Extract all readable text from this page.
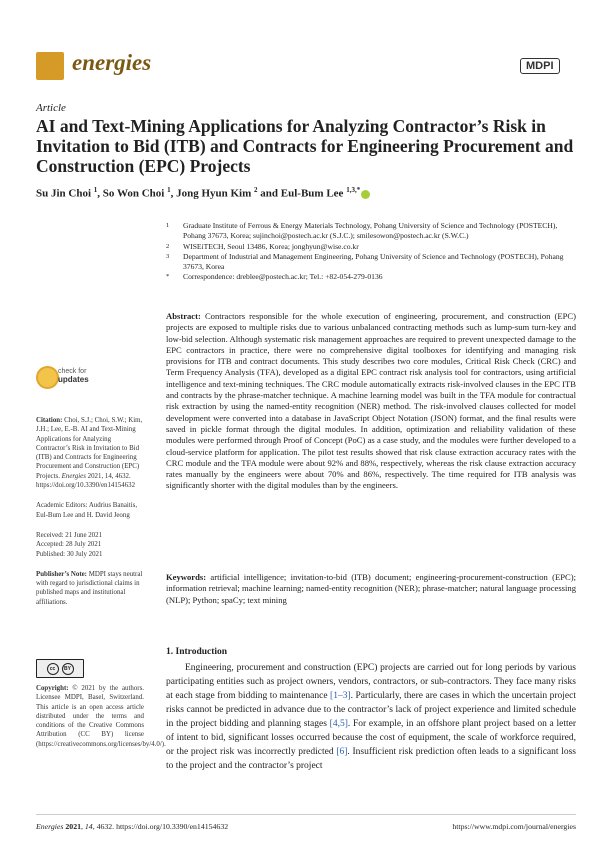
energies	MDPI
Article
AI and Text-Mining Applications for Analyzing Contractor’s Risk in Invitation to Bid (ITB) and Contracts for Engineering Procurement and Construction (EPC) Projects
Su Jin Choi $^1$, So Won Choi $^1$, Jong Hyun Kim $^2$ and Eul-Bum Lee $^{1,3,*}$
1 Graduate Institute of Ferrous & Energy Materials Technology, Pohang University of Science and Technology (POSTECH), Pohang 37673, Korea; sujinchoi@postech.ac.kr (S.J.C.); smilesowon@postech.ac.kr (S.W.C.)
2 WISEiTECH, Seoul 13486, Korea; jonghyun@wise.co.kr
3 Department of Industrial and Management Engineering, Pohang University of Science and Technology (POSTECH), Pohang 37673, Korea
* Correspondence: dreblee@postech.ac.kr; Tel.: +82-054-279-0136
Abstract: Contractors responsible for the whole execution of engineering, procurement, and construction (EPC) projects are exposed to multiple risks due to various unbalanced contracting methods such as lump-sum turn-key and low-bid selection. Although systematic risk management approaches are required to prevent unexpected damage to the EPC contractors in practice, there were no comprehensive digital toolboxes for identifying and managing risk provisions for ITB and contract documents. This study describes two core modules, Critical Risk Check (CRC) and Term Frequency Analysis (TFA), developed as a digital EPC contract risk analysis tool for contractors, using artificial intelligence and text-mining techniques. The CRC module automatically extracts risk-involved clauses in the EPC ITB and contracts by the phrase-matcher technique. A machine learning model was built in the TFA module for contractual risk extraction by using the named-entity recognition (NER) method. The risk-involved clauses collected for model development were converted into a database in JavaScript Object Notation (JSON) format, and the final results were saved in pickle format through the digital modules. In addition, optimization and reliability validation of these modules were performed through Proof of Concept (PoC) as a case study, and the modules were further developed to a cloud-service platform for application. The pilot test results showed that risk clause extraction accuracy rates with the CRC module and the TFA module were about 92% and 88%, respectively, whereas the risk clause extraction accuracy rates manually by the engineers were about 70% and 86%, respectively. The time required for ITB analysis was significantly shorter with the digital modules than by the engineers.
Keywords: artificial intelligence; invitation-to-bid (ITB) document; engineering-procurement-construction (EPC); information retrieval; machine learning; named-entity recognition (NER); phrase-matcher; natural language processing (NLP); Python; spaCy; text mining
check for
updates
Citation: Choi, S.J.; Choi, S.W.; Kim, J.H.; Lee, E.-B. AI and Text-Mining Applications for Analyzing Contractor’s Risk in Invitation to Bid (ITB) and Contracts for Engineering Procurement and Construction (EPC) Projects. Energies 2021, 14, 4632. https://doi.org/10.3390/en14154632
Academic Editors: Audrius Banaitis, Eul-Bum Lee and H. David Jeong
Received: 21 June 2021
Accepted: 28 July 2021
Published: 30 July 2021
Publisher’s Note: MDPI stays neutral with regard to jurisdictional claims in published maps and institutional affiliations.
cc	BY
Copyright: © 2021 by the authors. Licensee MDPI, Basel, Switzerland. This article is an open access article distributed under the terms and conditions of the Creative Commons Attribution (CC BY) license (https://creativecommons.org/licenses/by/4.0/).
1. Introduction
  Engineering, procurement and construction (EPC) projects are carried out for long periods by various participating entities such as project owners, vendors, contractors, or sub-contractors. They face many risks at each stage from bidding to maintenance [1–3]. Particularly, there are cases in which the uncertain project risks cannot be predicted in advance due to the contractor’s lack of project experience and limited schedule in the project bidding and planning stages [4,5]. For example, in an offshore plant project based on a letter of intent to bid, significant losses occurred because the cost of equipment, the scale of workforce required, or the project risk was incorrectly predicted [6]. Insufficient risk prediction often leads to a significant loss to the project and the contractor’s project
Energies 2021, 14, 4632. https://doi.org/10.3390/en14154632	https://www.mdpi.com/journal/energies
